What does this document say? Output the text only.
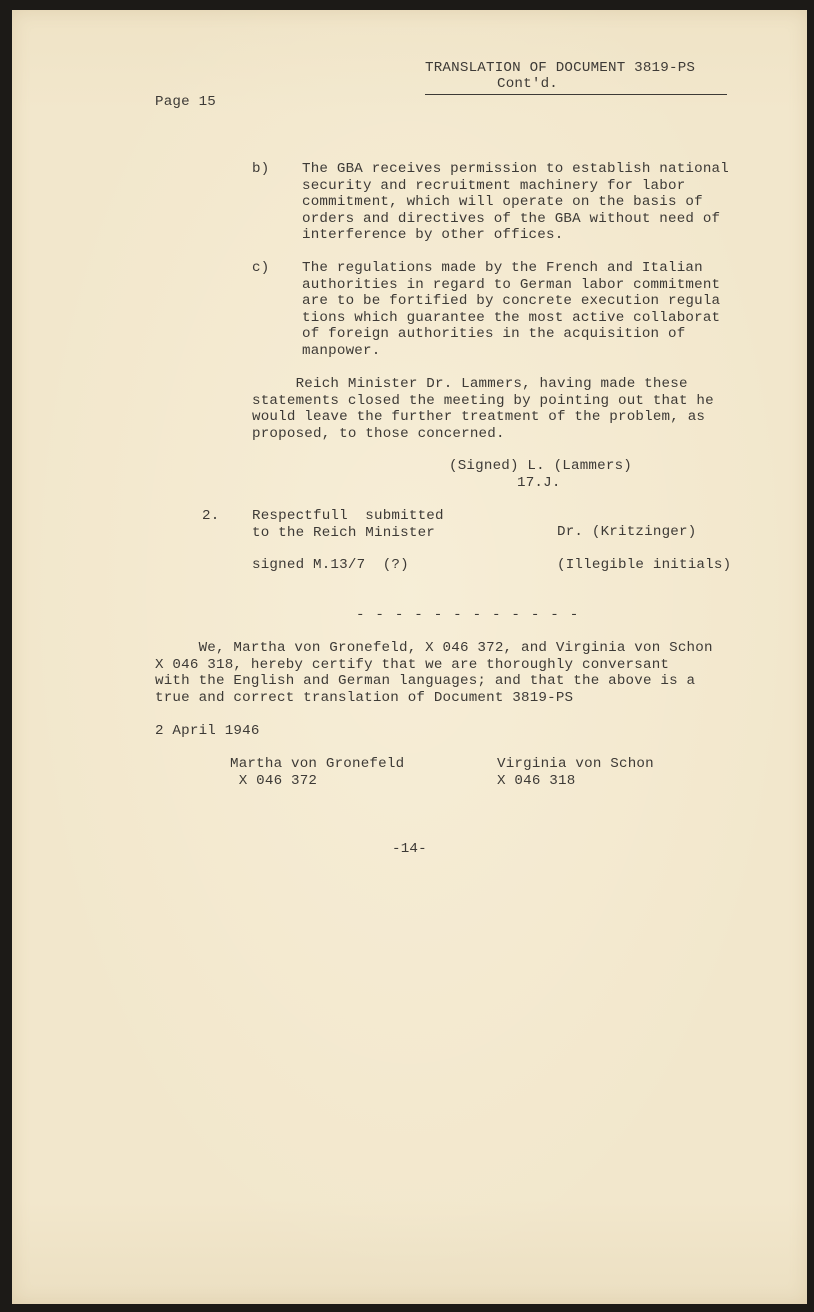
TRANSLATION OF DOCUMENT 3819-PS

Cont'd.

Page 15

b) The GBA receives permission to establish national
security and recruitment machinery for labor
commitment, which will operate on the basis of
orders and directives of the GBA without need of
interference by other offices.

c) The regulations made by the French and Italian
authorities in regard to German labor commitment
are to be fortified by concrete execution regula
tions which guarantee the most active collaborat
of foreign authorities in the acquisition of
manpower.

Reich Minister Dr. Lammers, having made these
statements closed the meeting by pointing out that he
would leave the further treatment of the problem, as
proposed, to those concerned.

(Signed) L. (Lammers)

17.J.

2. Respectfull  submitted
to the Reich Minister	Dr. (Kritzinger)

signed M.13/7  (?)	(Illegible initials)

- - - - - - - - - - - -

We, Martha von Gronefeld, X 046 372, and Virginia von Schon
X 046 318, hereby certify that we are thoroughly conversant
with the English and German languages; and that the above is a
true and correct translation of Document 3819-PS

2 April 1946

Martha von Gronefeld
X 046 372
Virginia von Schon
X 046 318

-14-
